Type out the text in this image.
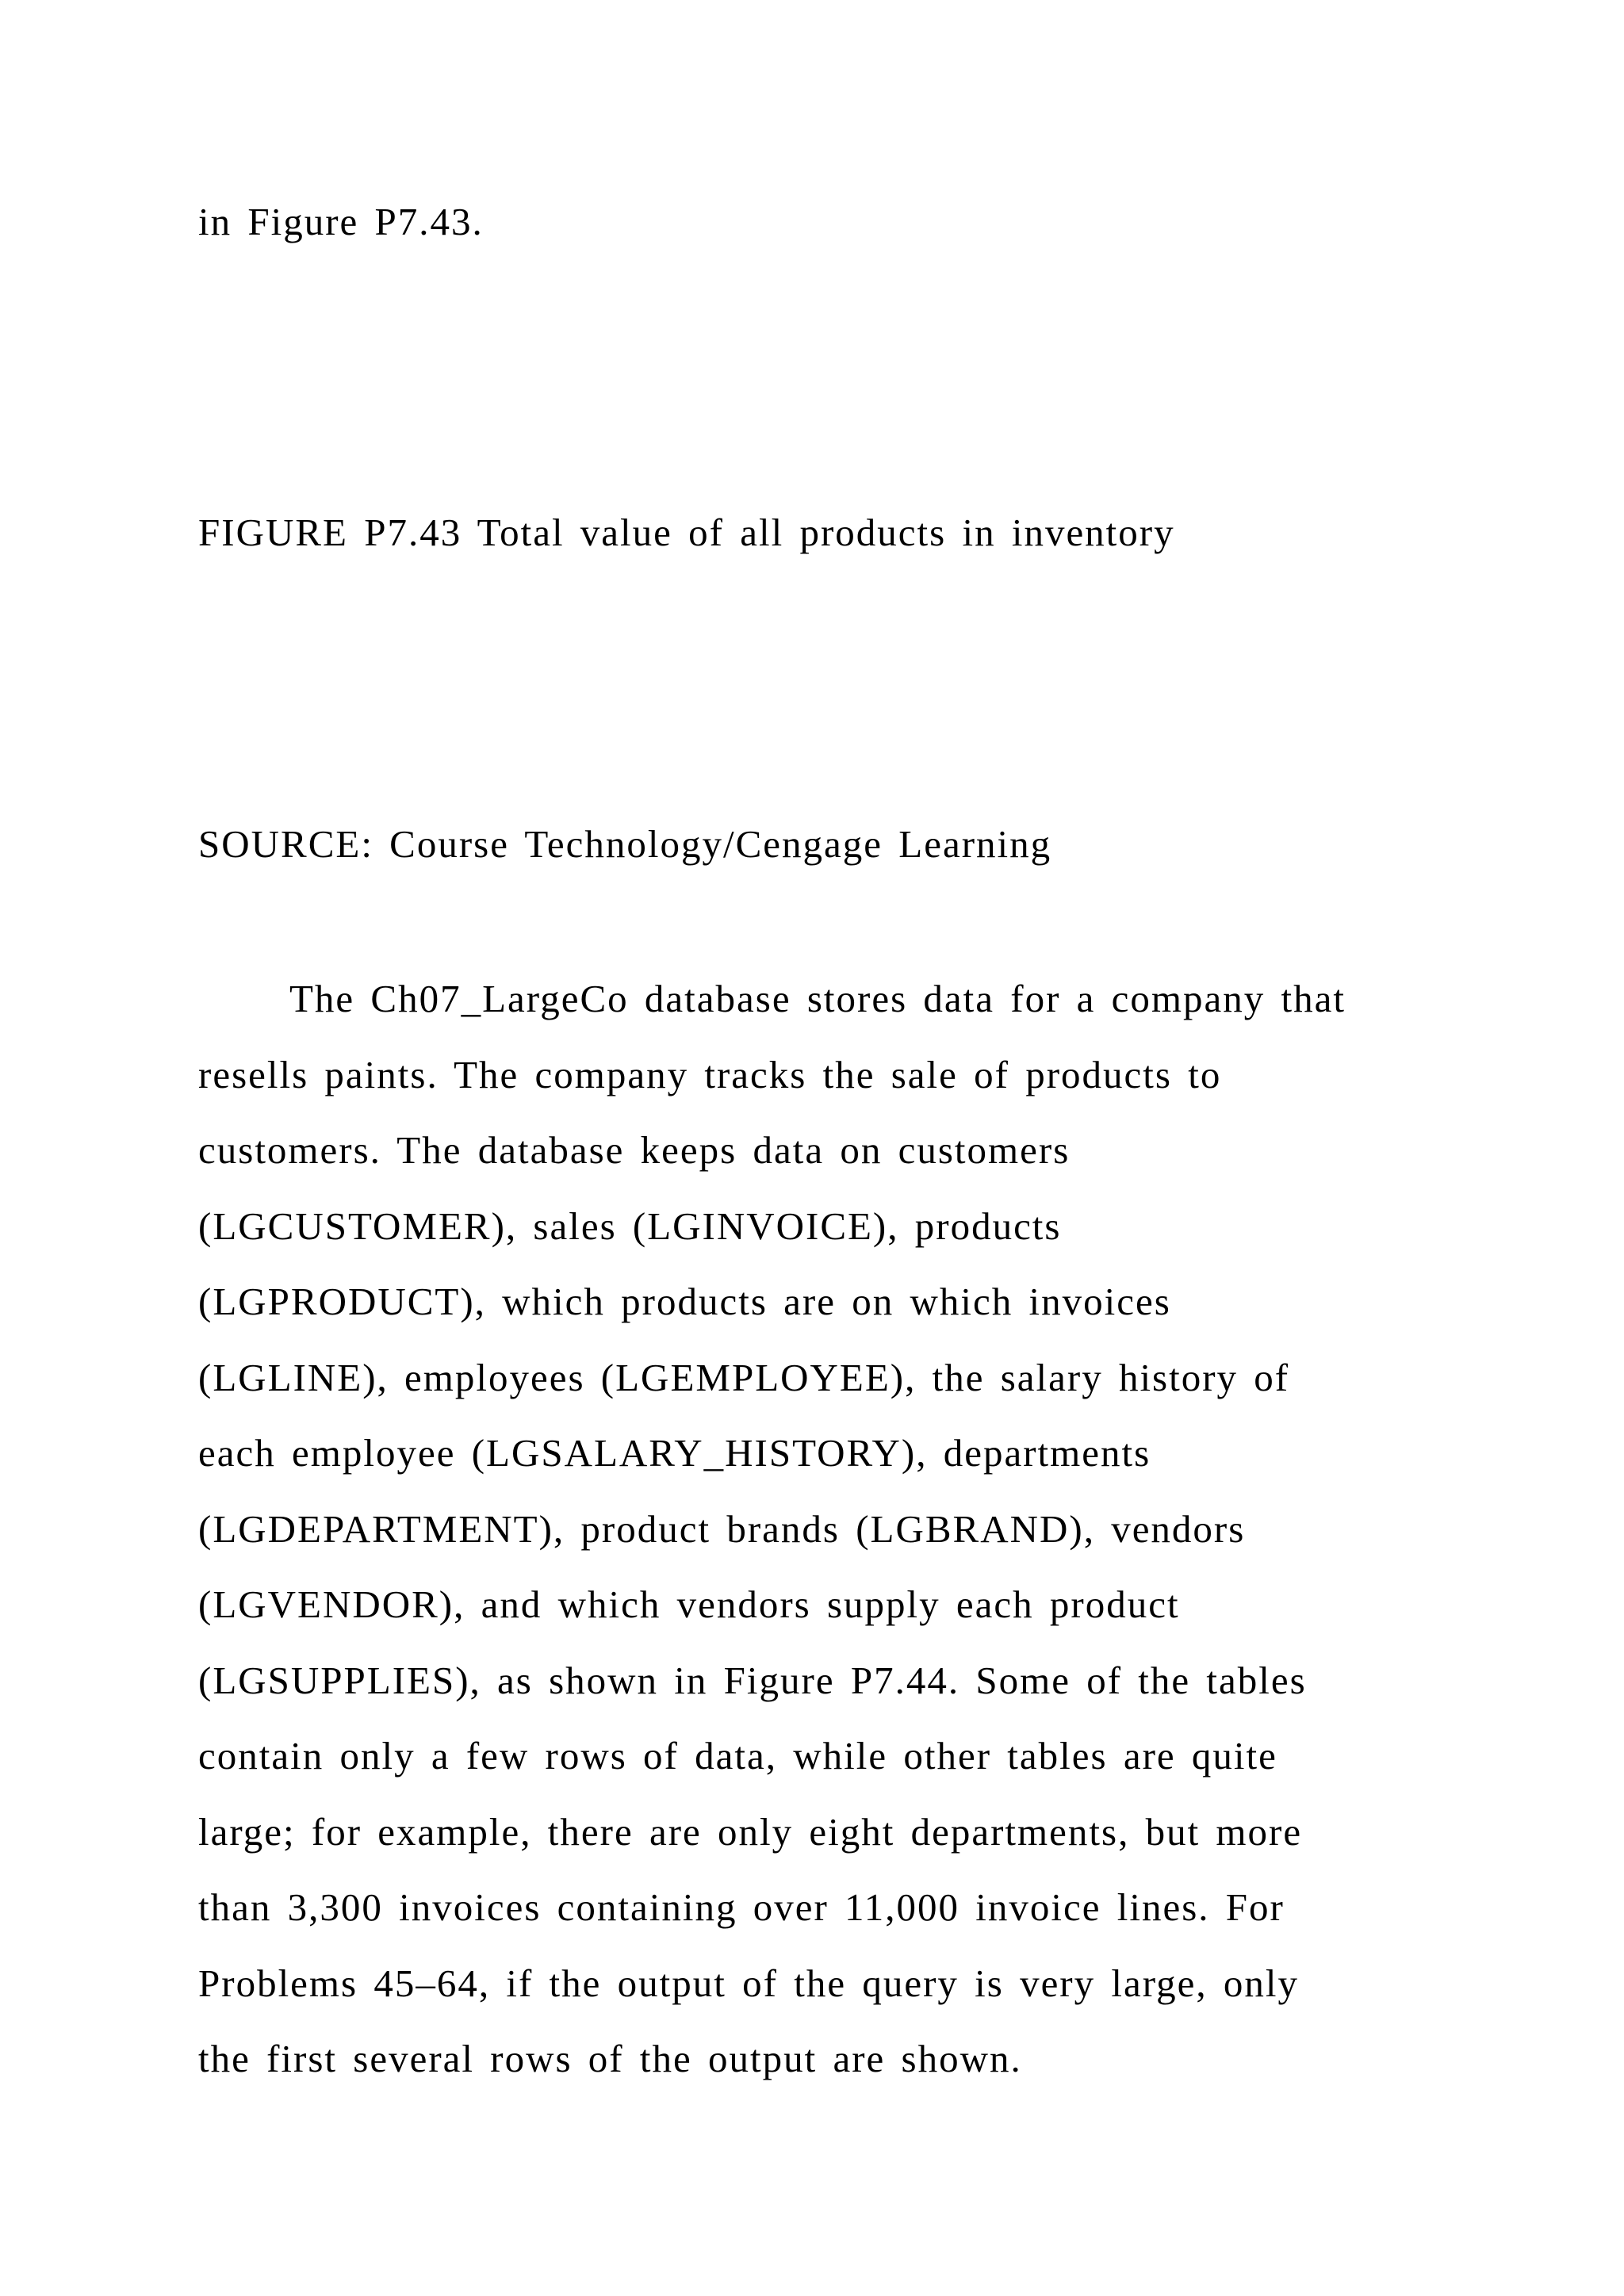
in Figure P7.43.
FIGURE P7.43 Total value of all products in inventory
SOURCE: Course Technology/Cengage Learning
The Ch07_LargeCo database stores data for a company that
resells paints. The company tracks the sale of products to
customers. The database keeps data on customers
(LGCUSTOMER), sales (LGINVOICE), products
(LGPRODUCT), which products are on which invoices
(LGLINE), employees (LGEMPLOYEE), the salary history of
each employee (LGSALARY_HISTORY), departments
(LGDEPARTMENT), product brands (LGBRAND), vendors
(LGVENDOR), and which vendors supply each product
(LGSUPPLIES), as shown in Figure P7.44. Some of the tables
contain only a few rows of data, while other tables are quite
large; for example, there are only eight departments, but more
than 3,300 invoices containing over 11,000 invoice lines. For
Problems 45–64, if the output of the query is very large, only
the first several rows of the output are shown.
